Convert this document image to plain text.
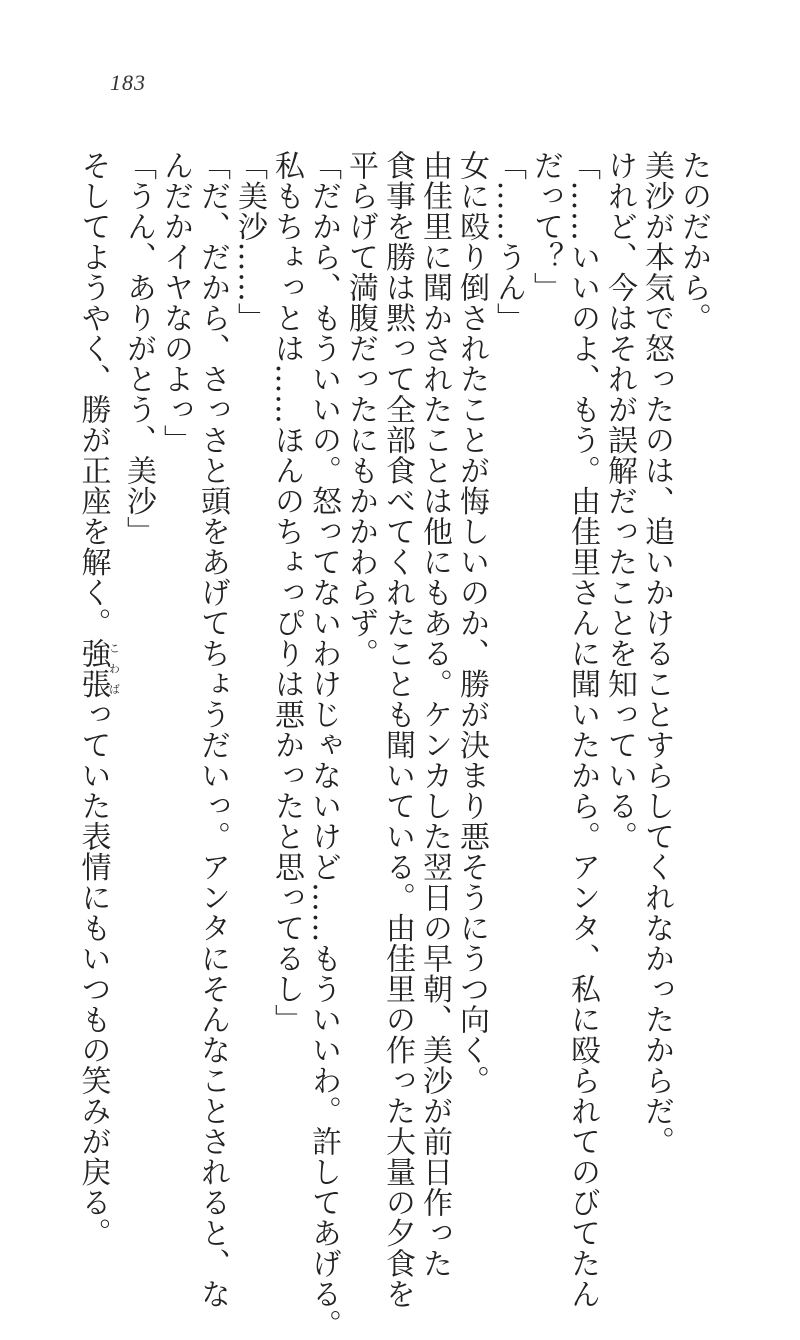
183
たのだから。
美沙が本気で怒ったのは、追いかけることすらしてくれなかったからだ。
けれど、今はそれが誤解だったことを知っている。
「……いいのよ、もう。由佳里さんに聞いたから。アンタ、私に殴られてのびてたん
だって？」
「……うん」
女に殴り倒されたことが悔しいのか、勝が決まり悪そうにうつ向く。
由佳里に聞かされたことは他にもある。ケンカした翌日の早朝、美沙が前日作った
食事を勝は黙って全部食べてくれたことも聞いている。由佳里の作った大量の夕食を
平らげて満腹だったにもかかわらず。
「だから、もういいの。怒ってないわけじゃないけど……もういいわ。許してあげる。
私もちょっとは……ほんのちょっぴりは悪かったと思ってるし」
「美沙……」
「だ、だから、さっさと頭をあげてちょうだいっ。アンタにそんなことされると、な
んだかイヤなのよっ」
「うん、ありがとう、美沙」
そしてようやく、勝が正座を解く。強張こわばっていた表情にもいつもの笑みが戻る。
